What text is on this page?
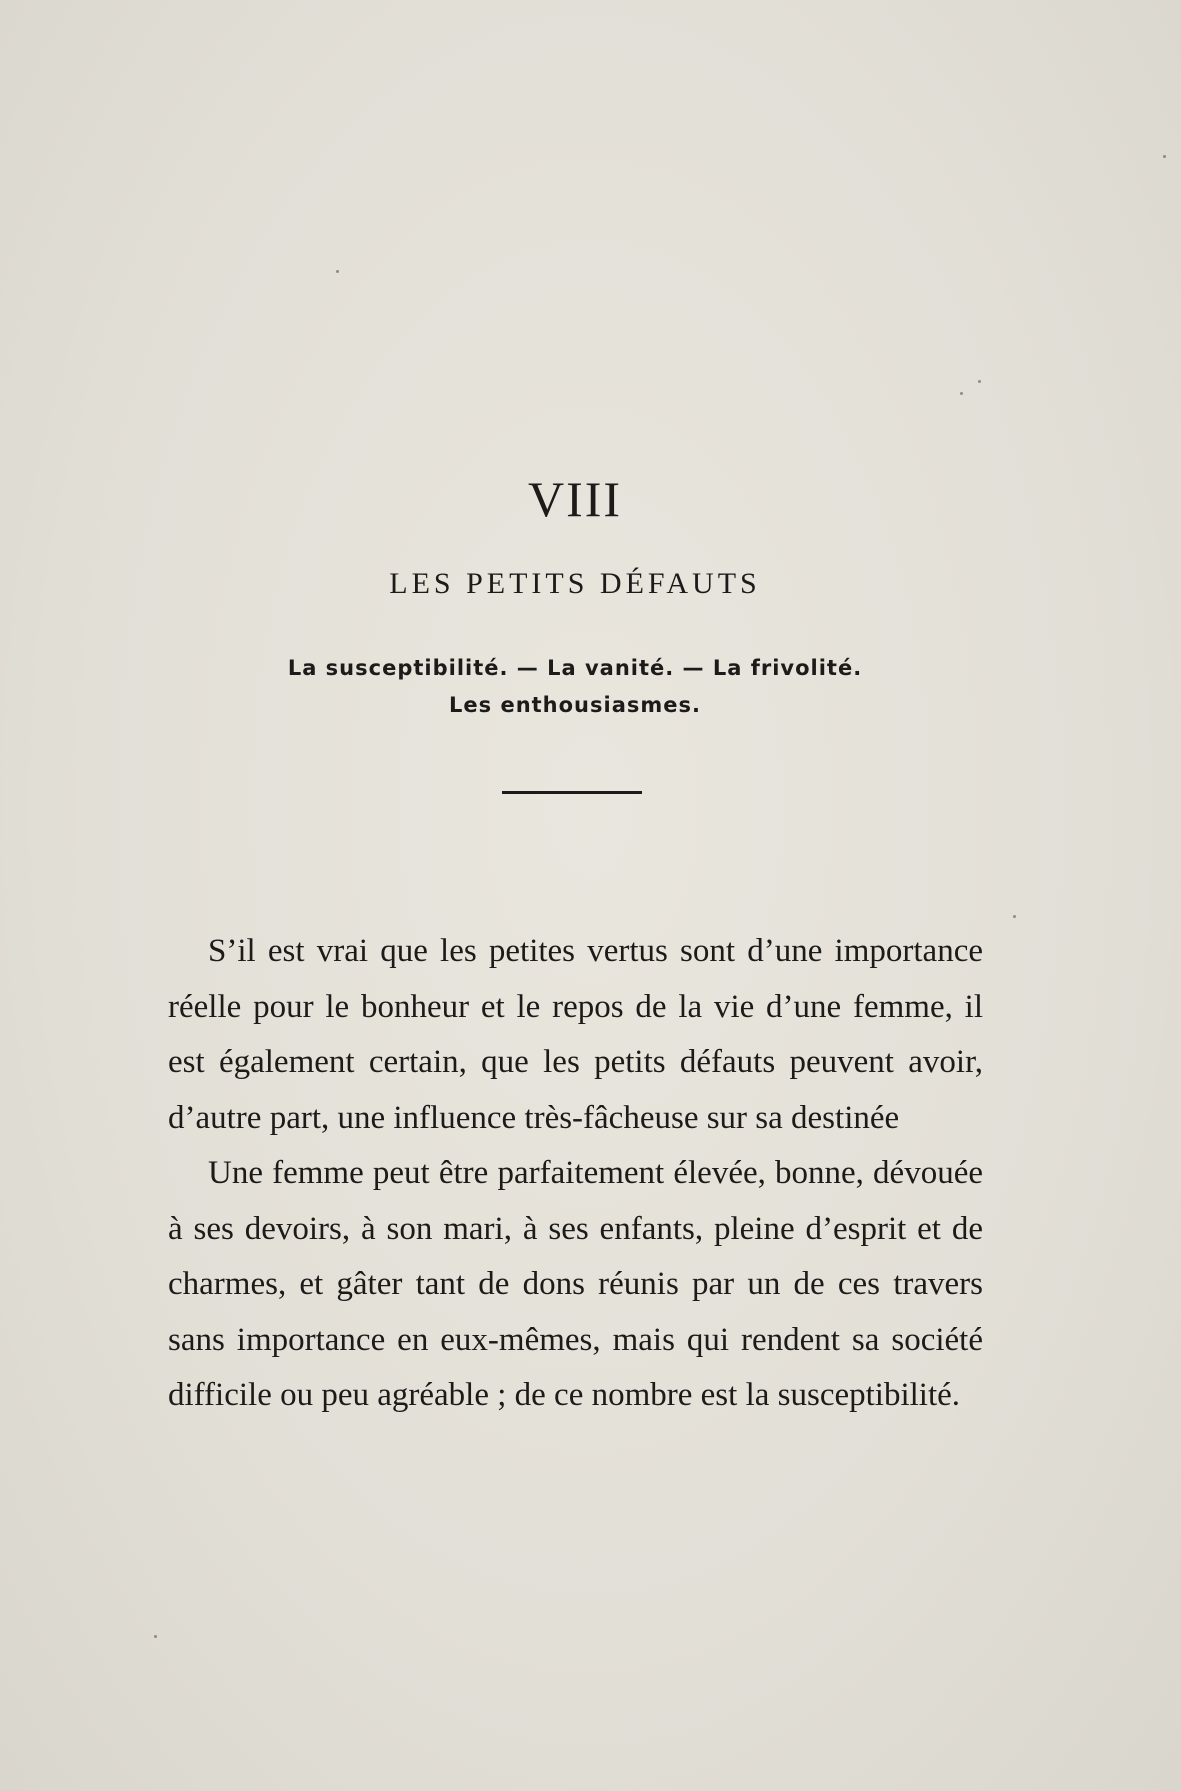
VIII
LES PETITS DÉFAUTS
La susceptibilité. — La vanité. — La frivolité.
Les enthousiasmes.

S’il est vrai que les petites vertus sont d’une importance réelle pour le bonheur et le repos de la vie d’une femme, il est également certain, que les petits défauts peuvent avoir, d’autre part, une influence très-fâcheuse sur sa destinée

Une femme peut être parfaitement élevée, bonne, dévouée à ses devoirs, à son mari, à ses enfants, pleine d’esprit et de charmes, et gâter tant de dons réunis par un de ces travers sans importance en eux-mêmes, mais qui rendent sa société difficile ou peu agréable ; de ce nombre est la susceptibilité.
